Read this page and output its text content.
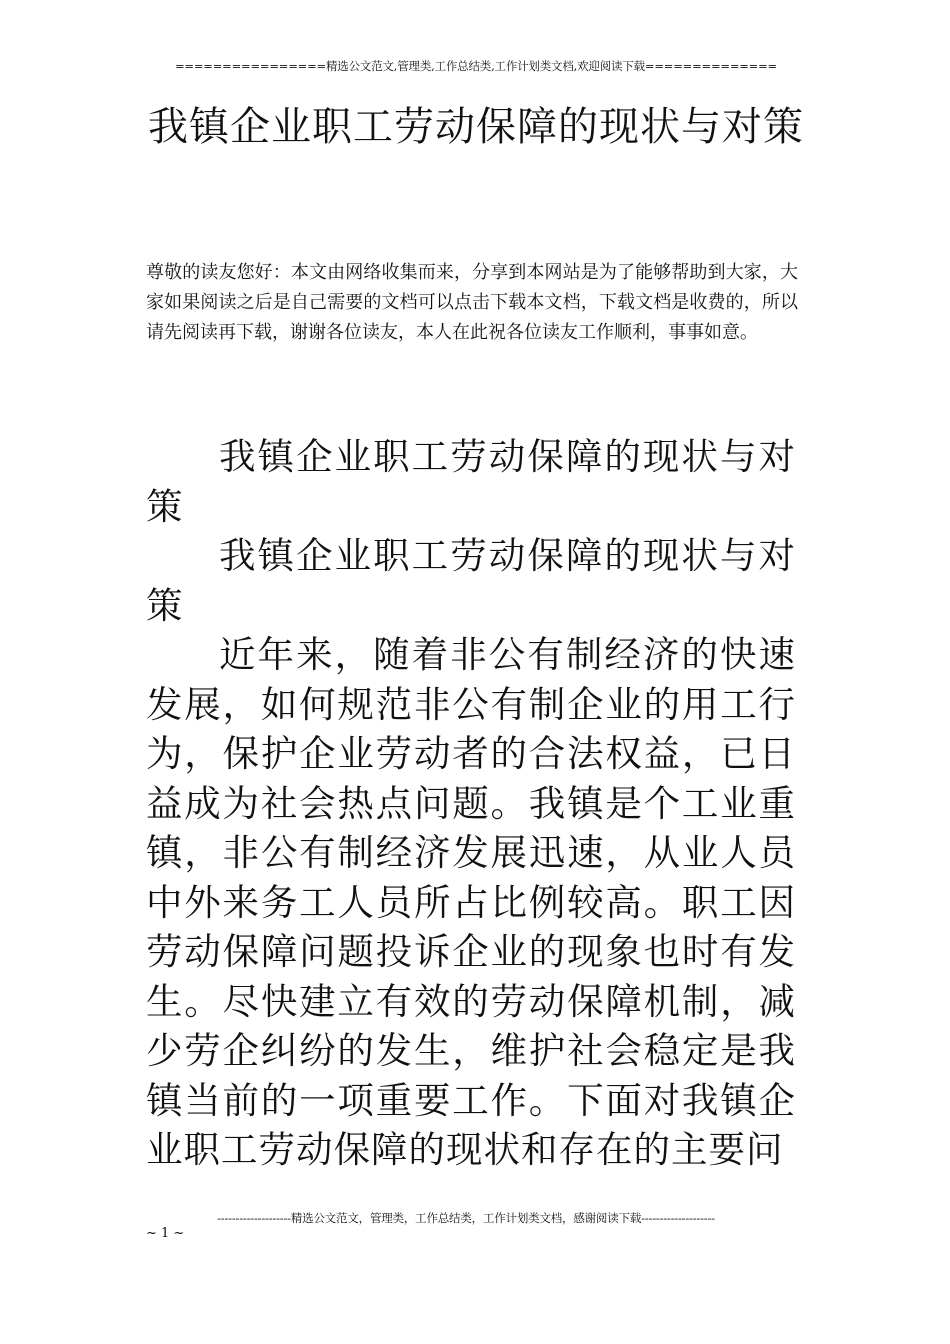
================精选公文范文,管理类,工作总结类,工作计划类文档,欢迎阅读下载==============
我镇企业职工劳动保障的现状与对策

尊敬的读友您好：本文由网络收集而来，分享到本网站是为了能够帮助到大家，大家如果阅读之后是自己需要的文档可以点击下载本文档，下载文档是收费的，所以请先阅读再下载，谢谢各位读友，本人在此祝各位读友工作顺利，事事如意。

我镇企业职工劳动保障的现状与对策

我镇企业职工劳动保障的现状与对策

近年来，随着非公有制经济的快速发展，如何规范非公有制企业的用工行为，保护企业劳动者的合法权益，已日益成为社会热点问题。我镇是个工业重镇，非公有制经济发展迅速，从业人员中外来务工人员所占比例较高。职工因劳动保障问题投诉企业的现象也时有发生。尽快建立有效的劳动保障机制，减少劳企纠纷的发生，维护社会稳定是我镇当前的一项重要工作。下面对我镇企业职工劳动保障的现状和存在的主要问

--------------------精选公文范文，管理类，工作总结类，工作计划类文档，感谢阅读下载--------------------
~ 1 ~
